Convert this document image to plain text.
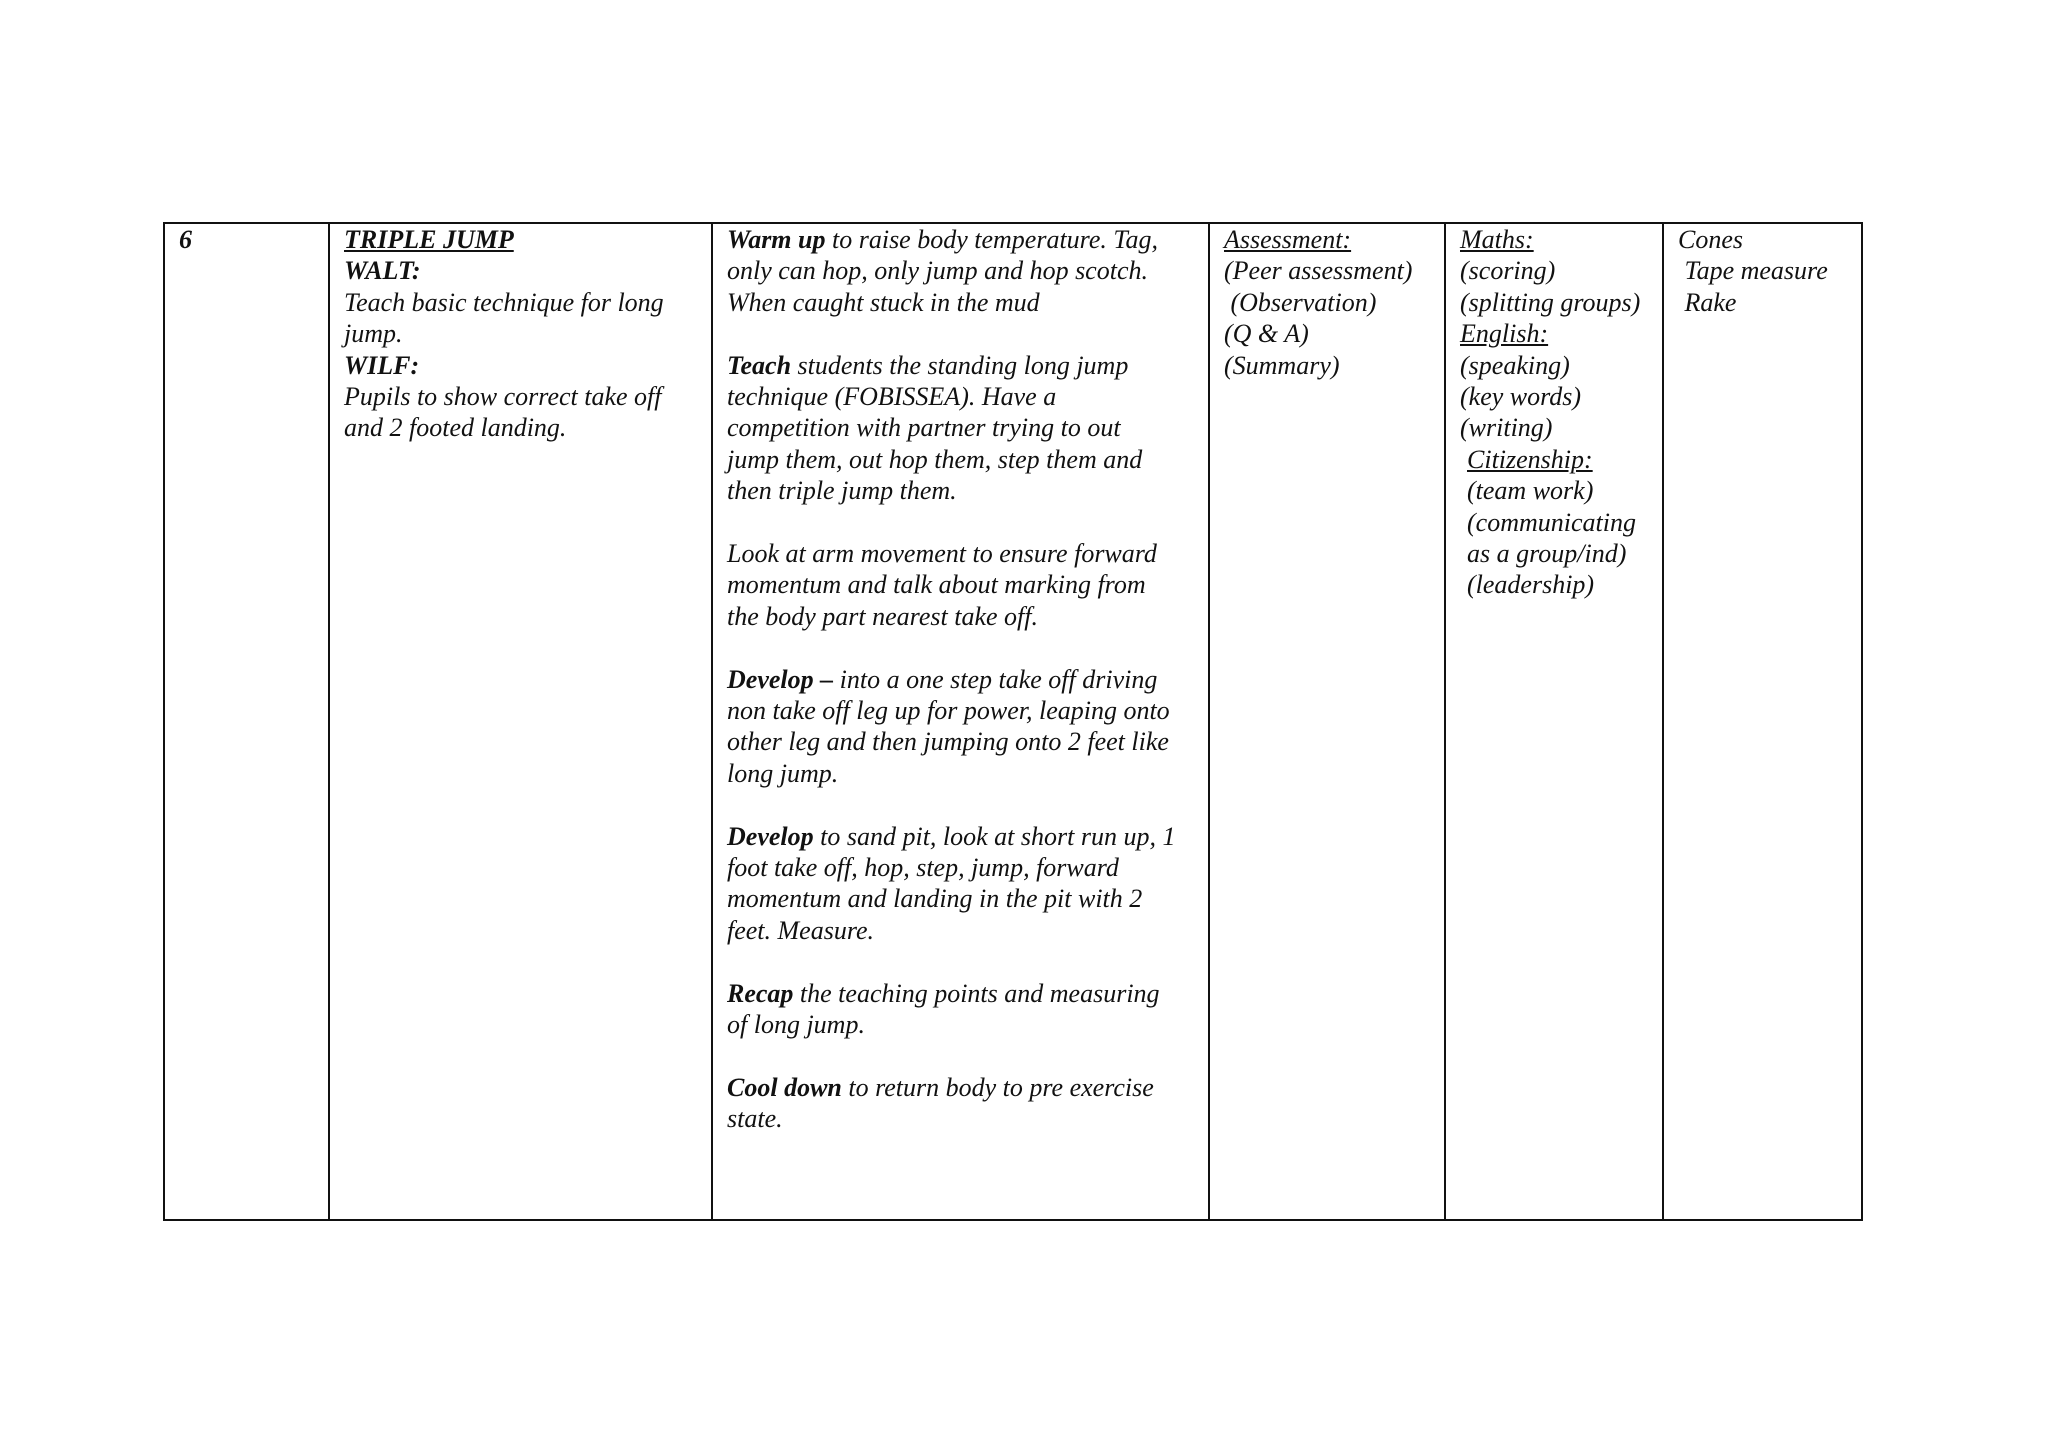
6	TRIPLE JUMP
WALT:
Teach basic technique for long
jump.
WILF:
Pupils to show correct take off
and 2 footed landing.
Warm up to raise body temperature. Tag,
only can hop, only jump and hop scotch.
When caught stuck in the mud
Teach students the standing long jump
technique (FOBISSEA). Have a
competition with partner trying to out
jump them, out hop them, step them and
then triple jump them.
Look at arm movement to ensure forward
momentum and talk about marking from
the body part nearest take off.
Develop – into a one step take off driving
non take off leg up for power, leaping onto
other leg and then jumping onto 2 feet like
long jump.
Develop to sand pit, look at short run up, 1
foot take off, hop, step, jump, forward
momentum and landing in the pit with 2
feet. Measure.
Recap the teaching points and measuring
of long jump.
Cool down to return body to pre exercise
state.
Assessment:
(Peer assessment)
(Observation)
(Q & A)
(Summary)
Maths:
(scoring)
(splitting groups)
English:
(speaking)
(key words)
(writing)
Citizenship:
(team work)
(communicating
as a group/ind)
(leadership)
Cones
Tape measure
Rake
